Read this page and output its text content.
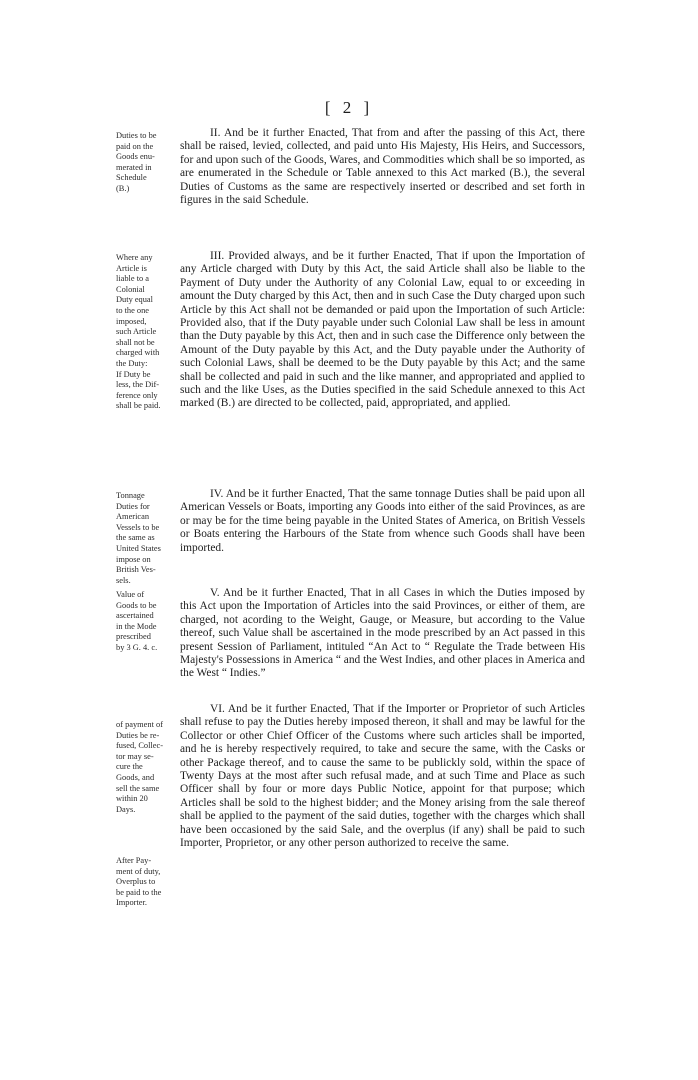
[ 2 ]
Duties to be
paid on the
Goods enu-
merated in
Schedule
(B.)
II. And be it further Enacted, That from and after the passing of this Act, there shall be raised, levied, collected, and paid unto His Majesty, His Heirs, and Successors, for and upon such of the Goods, Wares, and Commodities which shall be so imported, as are enumerated in the Schedule or Table annexed to this Act marked (B.), the several Duties of Customs as the same are respectively inserted or described and set forth in figures in the said Schedule.
Where any
Article is
liable to a
Colonial
Duty equal
to the one
imposed,
such Article
shall not be
charged with
the Duty:
If Duty be
less, the Dif-
ference only
shall be paid.
III. Provided always, and be it further Enacted, That if upon the Importation of any Article charged with Duty by this Act, the said Article shall also be liable to the Payment of Duty under the Authority of any Colonial Law, equal to or exceeding in amount the Duty charged by this Act, then and in such Case the Duty charged upon such Article by this Act shall not be demanded or paid upon the Importation of such Article: Provided also, that if the Duty payable under such Colonial Law shall be less in amount than the Duty payable by this Act, then and in such case the Difference only between the Amount of the Duty payable by this Act, and the Duty payable under the Authority of such Colonial Laws, shall be deemed to be the Duty payable by this Act; and the same shall be collected and paid in such and the like manner, and appropriated and applied to such and the like Uses, as the Duties specified in the said Schedule annexed to this Act marked (B.) are directed to be collected, paid, appropriated, and applied.
Tonnage
Duties for
American
Vessels to be
the same as
United States
impose on
British Ves-
sels.
IV. And be it further Enacted, That the same tonnage Duties shall be paid upon all American Vessels or Boats, importing any Goods into either of the said Provinces, as are or may be for the time being payable in the United States of America, on British Vessels or Boats entering the Harbours of the State from whence such Goods shall have been imported.
Value of
Goods to be
ascertained
in the Mode
prescribed
by 3 G. 4. c.
V. And be it further Enacted, That in all Cases in which the Duties imposed by this Act upon the Importation of Articles into the said Provinces, or either of them, are charged, not acording to the Weight, Gauge, or Measure, but according to the Value thereof, such Value shall be ascertained in the mode prescribed by an Act passed in this present Session of Parliament, intituled “An Act to “ Regulate the Trade between His Majesty's Possessions in America “ and the West Indies, and other places in America and the West “ Indies.”
of payment of
Duties be re-
fused, Collec-
tor may se-
cure the
Goods, and
sell the same
within 20
Days.
After Pay-
ment of duty,
Overplus to
be paid to the
Importer.
VI. And be it further Enacted, That if the Importer or Proprietor of such Articles shall refuse to pay the Duties hereby imposed thereon, it shall and may be lawful for the Collector or other Chief Officer of the Customs where such articles shall be imported, and he is hereby respectively required, to take and secure the same, with the Casks or other Package thereof, and to cause the same to be publickly sold, within the space of Twenty Days at the most after such refusal made, and at such Time and Place as such Officer shall by four or more days Public Notice, appoint for that purpose; which Articles shall be sold to the highest bidder; and the Money arising from the sale thereof shall be applied to the payment of the said duties, together with the charges which shall have been occasioned by the said Sale, and the overplus (if any) shall be paid to such Importer, Proprietor, or any other person authorized to receive the same.
